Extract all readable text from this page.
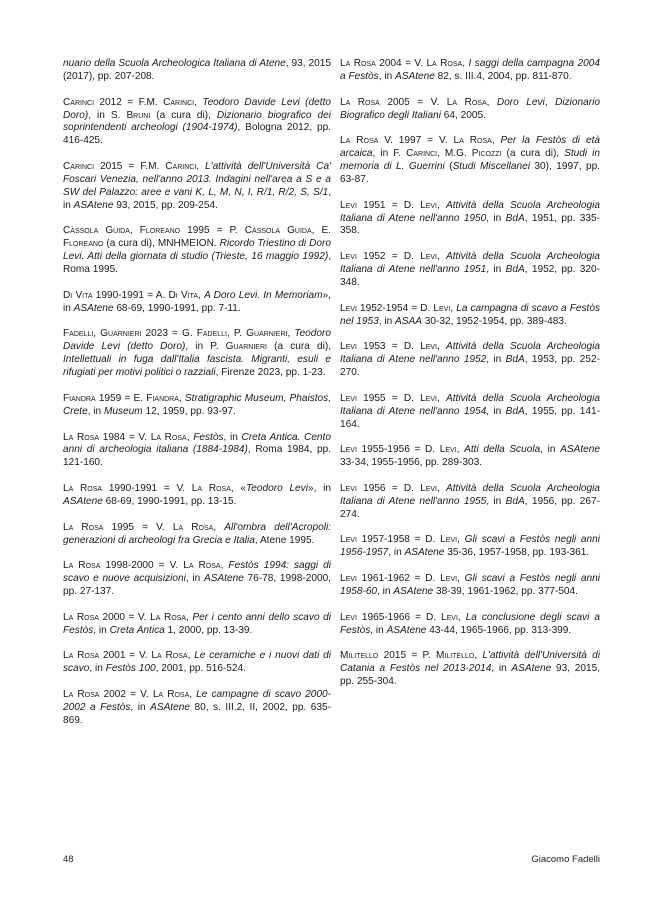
nuario della Scuola Archeologica Italiana di Atene, 93, 2015 (2017), pp. 207-208.

Carinci 2012 = F.M. Carinci, Teodoro Davide Levi (detto Doro), in S. Bruni (a cura di), Dizionario biografico dei soprintendenti archeologi (1904-1974), Bologna 2012, pp. 416-425.

Carinci 2015 = F.M. Carinci, L'attività dell'Università Ca' Foscari Venezia, nell'anno 2013. Indagini nell'area a S e a SW del Palazzo: aree e vani K, L, M, N, I, R/1, R/2, S, S/1, in ASAtene 93, 2015, pp. 209-254.

Càssola Guida, Floreano 1995 = P. Càssola Guida, E. Floreano (a cura di), MNHMEION. Ricordo Triestino di Doro Levi. Atti della giornata di studio (Trieste, 16 maggio 1992), Roma 1995.

Di Vita 1990-1991 = A. Di Vita, A Doro Levi. In Memoriam», in ASAtene 68-69, 1990-1991, pp. 7-11.

Fadelli, Guarnieri 2023 = G. Fadelli, P. Guarnieri, Teodoro Davide Levi (detto Doro), in P. Guarnieri (a cura di), Intellettuali in fuga dall'Italia fascista. Migranti, esuli e rifugiati per motivi politici o razziali, Firenze 2023, pp. 1-23.

Fiandra 1959 = E. Fiandra, Stratigraphic Museum, Phaistos, Crete, in Museum 12, 1959, pp. 93-97.

La Rosa 1984 = V. La Rosa, Festòs, in Creta Antica. Cento anni di archeologia italiana (1884-1984), Roma 1984, pp. 121-160.

La Rosa 1990-1991 = V. La Rosa, «Teodoro Levi», in ASAtene 68-69, 1990-1991, pp. 13-15.

La Rosa 1995 = V. La Rosa, All'ombra dell'Acropoli: generazioni di archeologi fra Grecia e Italia, Atene 1995.

La Rosa 1998-2000 = V. La Rosa, Festòs 1994: saggi di scavo e nuove acquisizioni, in ASAtene 76-78, 1998-2000, pp. 27-137.

La Rosa 2000 = V. La Rosa, Per i cento anni dello scavo di Festòs, in Creta Antica 1, 2000, pp. 13-39.

La Rosa 2001 = V. La Rosa, Le ceramiche e i nuovi dati di scavo, in Festòs 100, 2001, pp. 516-524.

La Rosa 2002 = V. La Rosa, Le campagne di scavo 2000-2002 a Festòs, in ASAtene 80, s. III.2, II, 2002, pp. 635-869.

La Rosa 2004 = V. La Rosa, I saggi della campagna 2004 a Festòs, in ASAtene 82, s. III.4, 2004, pp. 811-870.

La Rosa 2005 = V. La Rosa, Doro Levi, Dizionario Biografico degli Italiani 64, 2005.

La Rosa V. 1997 = V. La Rosa, Per la Festòs di età arcaica, in F. Carinci, M.G. Picozzi (a cura di), Studi in memoria di L. Guerrini (Studi Miscellanei 30), 1997, pp. 63-87.

Levi 1951 = D. Levi, Attività della Scuola Archeologia Italiana di Atene nell'anno 1950, in BdA, 1951, pp. 335-358.

Levi 1952 = D. Levi, Attività della Scuola Archeologia Italiana di Atene nell'anno 1951, in BdA, 1952, pp. 320-348.

Levi 1952-1954 = D. Levi, La campagna di scavo a Festòs nel 1953, in ASAA 30-32, 1952-1954, pp. 389-483.

Levi 1953 = D. Levi, Attività della Scuola Archeologia Italiana di Atene nell'anno 1952, in BdA, 1953, pp. 252-270.

Levi 1955 = D. Levi, Attività della Scuola Archeologia Italiana di Atene nell'anno 1954, in BdA, 1955, pp. 141-164.

Levi 1955-1956 = D. Levi, Atti della Scuola, in ASAtene 33-34, 1955-1956, pp. 289-303.

Levi 1956 = D. Levi, Attività della Scuola Archeologia Italiana di Atene nell'anno 1955, in BdA, 1956, pp. 267-274.

Levi 1957-1958 = D. Levi, Gli scavi a Festòs negli anni 1956-1957, in ASAtene 35-36, 1957-1958, pp. 193-361.

Levi 1961-1962 = D. Levi, Gli scavi a Festòs negli anni 1958-60, in ASAtene 38-39, 1961-1962, pp. 377-504.

Levi 1965-1966 = D. Levi, La conclusione degli scavi a Festòs, in ASAtene 43-44, 1965-1966, pp. 313-399.

Militello 2015 = P. Militello, L'attività dell'Università di Catania a Festòs nel 2013-2014, in ASAtene 93, 2015, pp. 255-304.

48	Giacomo Fadelli
